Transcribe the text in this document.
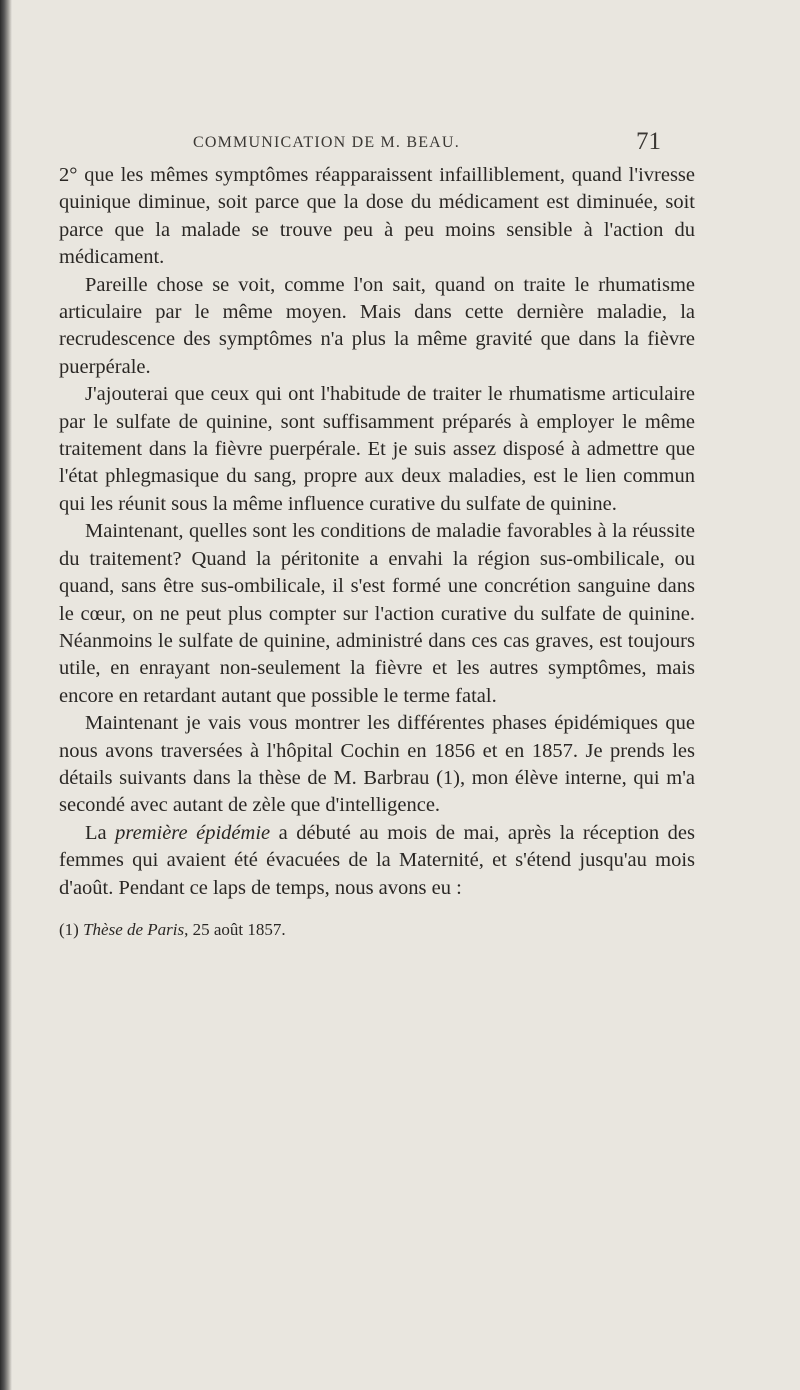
COMMUNICATION DE M. BEAU.	71

2° que les mêmes symptômes réapparaissent infailliblement, quand l'ivresse quinique diminue, soit parce que la dose du médicament est diminuée, soit parce que la malade se trouve peu à peu moins sensible à l'action du médicament.

Pareille chose se voit, comme l'on sait, quand on traite le rhumatisme articulaire par le même moyen. Mais dans cette dernière maladie, la recrudescence des symptômes n'a plus la même gravité que dans la fièvre puerpérale.

J'ajouterai que ceux qui ont l'habitude de traiter le rhumatisme articulaire par le sulfate de quinine, sont suffisamment préparés à employer le même traitement dans la fièvre puerpérale. Et je suis assez disposé à admettre que l'état phlegmasique du sang, propre aux deux maladies, est le lien commun qui les réunit sous la même influence curative du sulfate de quinine.

Maintenant, quelles sont les conditions de maladie favorables à la réussite du traitement? Quand la péritonite a envahi la région sus-ombilicale, ou quand, sans être sus-ombilicale, il s'est formé une concrétion sanguine dans le cœur, on ne peut plus compter sur l'action curative du sulfate de quinine. Néanmoins le sulfate de quinine, administré dans ces cas graves, est toujours utile, en enrayant non-seulement la fièvre et les autres symptômes, mais encore en retardant autant que possible le terme fatal.

Maintenant je vais vous montrer les différentes phases épidémiques que nous avons traversées à l'hôpital Cochin en 1856 et en 1857. Je prends les détails suivants dans la thèse de M. Barbrau (1), mon élève interne, qui m'a secondé avec autant de zèle que d'intelligence.

La première épidémie a débuté au mois de mai, après la réception des femmes qui avaient été évacuées de la Maternité, et s'étend jusqu'au mois d'août. Pendant ce laps de temps, nous avons eu :

(1) Thèse de Paris, 25 août 1857.
